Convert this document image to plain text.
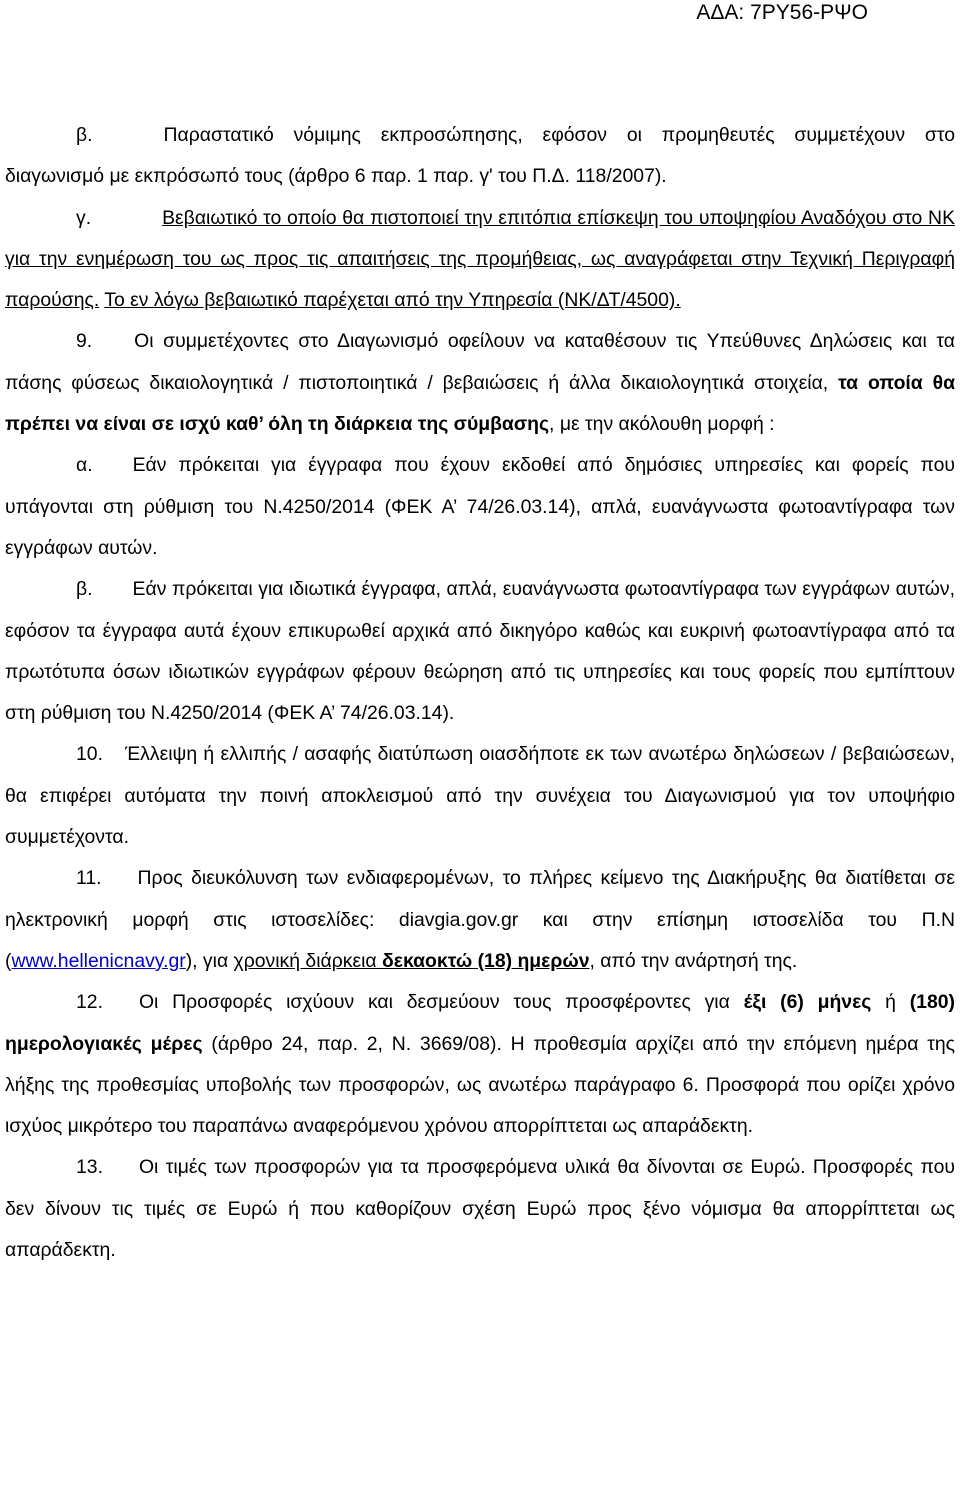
ΑΔΑ: 7ΡΥ56-ΡΨΟ

β.	Παραστατικό νόμιμης εκπροσώπησης, εφόσον οι προμηθευτές συμμετέχουν στο διαγωνισμό με εκπρόσωπό τους (άρθρο 6 παρ. 1 παρ. γ' του Π.Δ. 118/2007).

γ.	Βεβαιωτικό το οποίο θα πιστοποιεί την επιτόπια επίσκεψη του υποψηφίου Αναδόχου στο ΝΚ για την ενημέρωση του ως προς τις απαιτήσεις της προμήθειας, ως αναγράφεται στην Τεχνική Περιγραφή παρούσης. Το εν λόγω βεβαιωτικό παρέχεται από την Υπηρεσία (ΝΚ/ΔΤ/4500).

9. Οι συμμετέχοντες στο Διαγωνισμό οφείλουν να καταθέσουν τις Υπεύθυνες Δηλώσεις και τα πάσης φύσεως δικαιολογητικά / πιστοποιητικά / βεβαιώσεις ή άλλα δικαιολογητικά στοιχεία, τα οποία θα πρέπει να είναι σε ισχύ καθ’ όλη τη διάρκεια της σύμβασης, με την ακόλουθη μορφή :

α. Εάν πρόκειται για έγγραφα που έχουν εκδοθεί από δημόσιες υπηρεσίες και φορείς που υπάγονται στη ρύθμιση του Ν.4250/2014 (ΦΕΚ Α’ 74/26.03.14), απλά, ευανάγνωστα φωτοαντίγραφα των εγγράφων αυτών.

β. Εάν πρόκειται για ιδιωτικά έγγραφα, απλά, ευανάγνωστα φωτοαντίγραφα των εγγράφων αυτών, εφόσον τα έγγραφα αυτά έχουν επικυρωθεί αρχικά από δικηγόρο καθώς και ευκρινή φωτοαντίγραφα από τα πρωτότυπα όσων ιδιωτικών εγγράφων φέρουν θεώρηση από τις υπηρεσίες και τους φορείς που εμπίπτουν στη ρύθμιση του Ν.4250/2014 (ΦΕΚ Α’ 74/26.03.14).

10. Έλλειψη ή ελλιπής / ασαφής διατύπωση οιασδήποτε εκ των ανωτέρω δηλώσεων / βεβαιώσεων, θα επιφέρει αυτόματα την ποινή αποκλεισμού από την συνέχεια του Διαγωνισμού για τον υποψήφιο συμμετέχοντα.

11. Προς διευκόλυνση των ενδιαφερομένων, το πλήρες κείμενο της Διακήρυξης θα διατίθεται σε ηλεκτρονική μορφή στις ιστοσελίδες: diavgia.gov.gr και στην επίσημη ιστοσελίδα του Π.Ν (www.hellenicnavy.gr), για χρονική διάρκεια δεκαοκτώ (18) ημερών, από την ανάρτησή της.

12. Οι Προσφορές ισχύουν και δεσμεύουν τους προσφέροντες για έξι (6) μήνες ή (180) ημερολογιακές μέρες (άρθρο 24, παρ. 2, Ν. 3669/08). Η προθεσμία αρχίζει από την επόμενη ημέρα της λήξης της προθεσμίας υποβολής των προσφορών, ως ανωτέρω παράγραφο 6. Προσφορά που ορίζει χρόνο ισχύος μικρότερο του παραπάνω αναφερόμενου χρόνου απορρίπτεται ως απαράδεκτη.

13. Οι τιμές των προσφορών για τα προσφερόμενα υλικά θα δίνονται σε Ευρώ. Προσφορές που δεν δίνουν τις τιμές σε Ευρώ ή που καθορίζουν σχέση Ευρώ προς ξένο νόμισμα θα απορρίπτεται ως απαράδεκτη.
